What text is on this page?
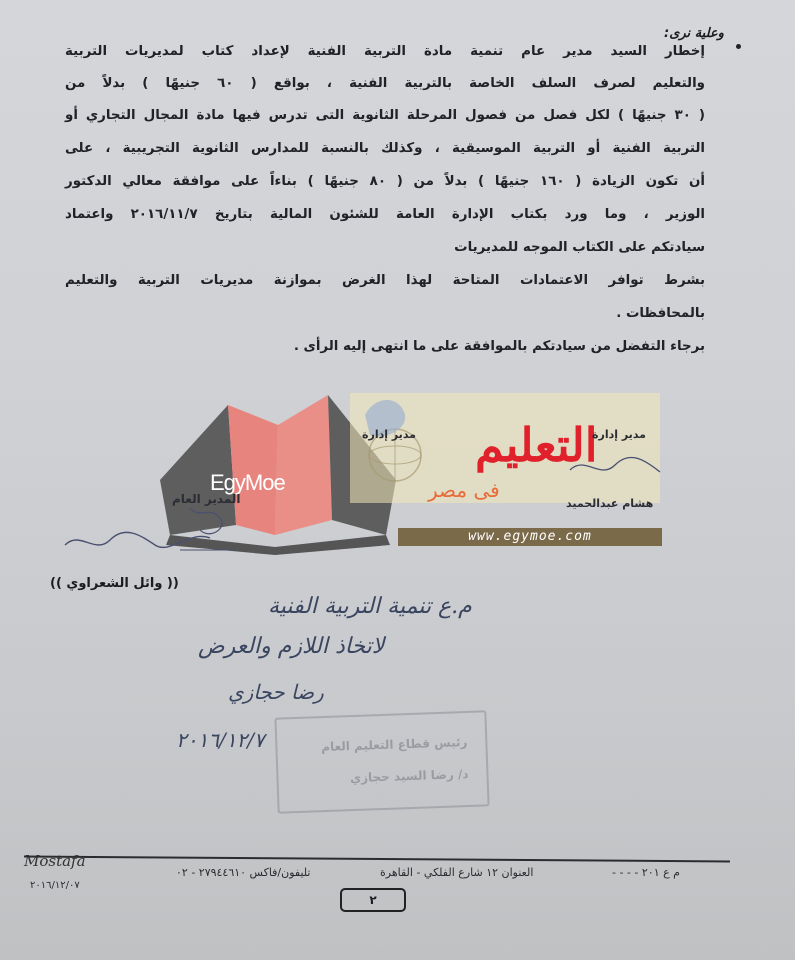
وعلية نرى:
إخطار السيد مدير عام تنمية مادة التربية الفنية لإعداد كتاب لمديريات التربية
والتعليم لصرف السلف الخاصة بالتربية الفنية ، بواقع ( ٦٠ جنيهًا ) بدلاً من
( ٣٠ جنيهًا ) لكل فصل من فصول المرحلة الثانوية التى تدرس فيها مادة المجال التجاري أو
التربية الفنية أو التربية الموسيقية ، وكذلك بالنسبة للمدارس الثانوية التجريبية ، على
أن تكون الزيادة ( ١٦٠ جنيهًا ) بدلاً من ( ٨٠ جنيهًا ) بناءاً على موافقة معالي الدكتور
الوزير ، وما ورد بكتاب الإدارة العامة للشئون المالية بتاريخ ٢٠١٦/١١/٧ واعتماد
سيادتكم على الكتاب الموجه للمديريات
بشرط توافر الاعتمادات المتاحة لهذا الغرض بموازنة مديريات التربية والتعليم
بالمحافظات .
برجاء التفضل من سيادتكم بالموافقة على ما انتهى إليه الرأى .
EgyMoe
التعليم
فى مصر
www.egymoe.com
مدير إدارة
مدير إدارة
هشام عبدالحميد
المدير العام
(( وائل الشعراوي ))
م.ع تنمية التربية الفنية
لاتخاذ اللازم والعرض
رضا حجازي
٢٠١٦/١٢/٧	رئيس قطاع التعليم العام
د/ رضا السيد حجازي
Mostafa
٢٠١٦/١٢/٠٧
العنوان ١٢ شارع الفلكي - القاهرة
تليفون/فاكس ٢٧٩٤٤٦١٠ - ٠٢	م ع ٢٠١ - - - -
٢
